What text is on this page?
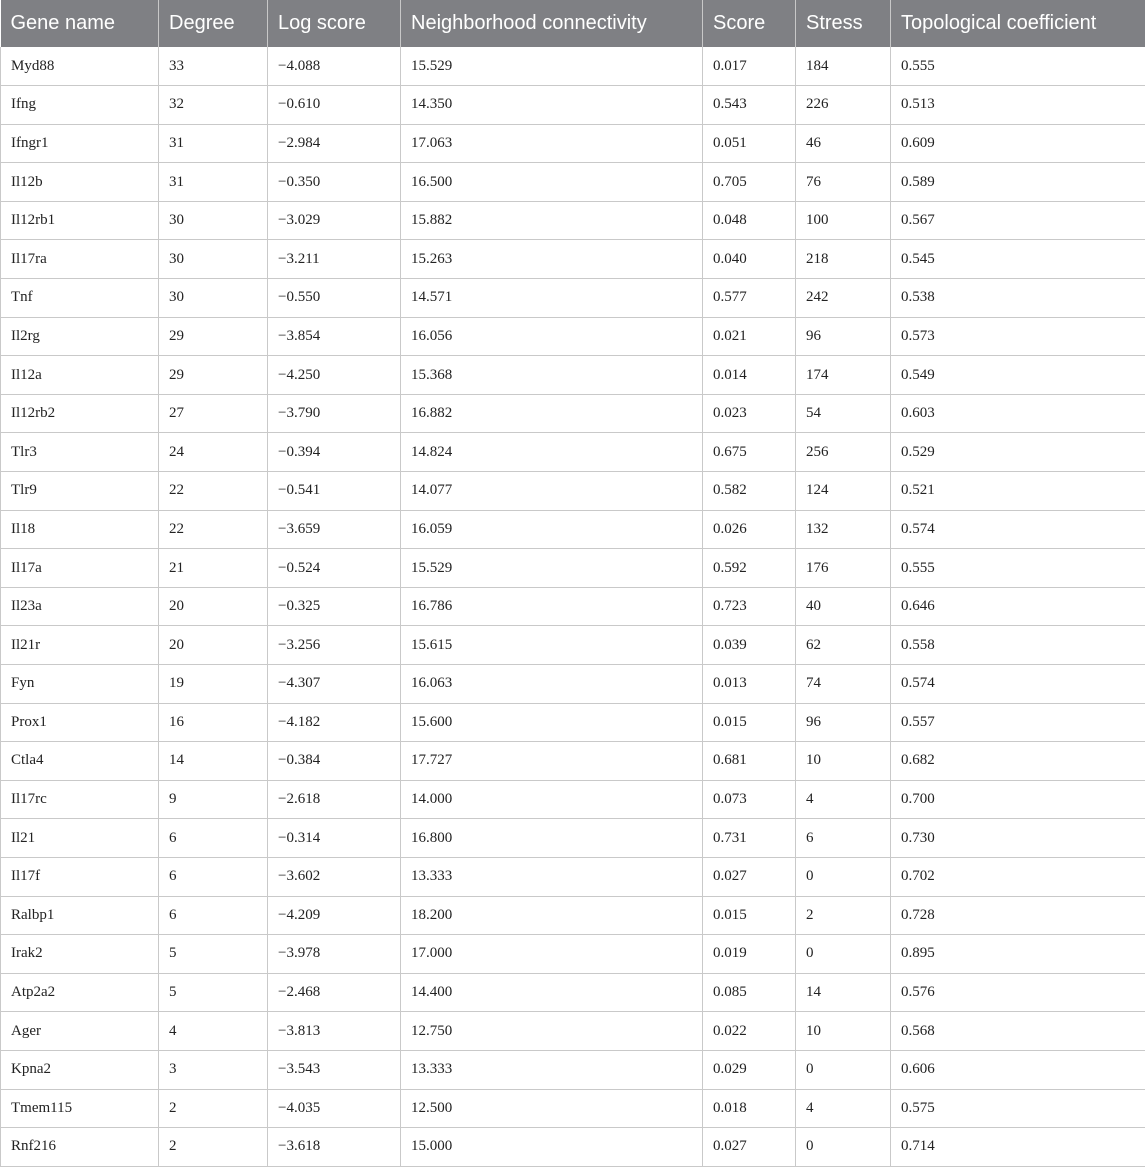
Gene name	Degree	Log score	Neighborhood connectivity	Score	Stress	Topological coefficient
Myd88	33	−4.088	15.529	0.017	184	0.555
Ifng	32	−0.610	14.350	0.543	226	0.513
Ifngr1	31	−2.984	17.063	0.051	46	0.609
Il12b	31	−0.350	16.500	0.705	76	0.589
Il12rb1	30	−3.029	15.882	0.048	100	0.567
Il17ra	30	−3.211	15.263	0.040	218	0.545
Tnf	30	−0.550	14.571	0.577	242	0.538
Il2rg	29	−3.854	16.056	0.021	96	0.573
Il12a	29	−4.250	15.368	0.014	174	0.549
Il12rb2	27	−3.790	16.882	0.023	54	0.603
Tlr3	24	−0.394	14.824	0.675	256	0.529
Tlr9	22	−0.541	14.077	0.582	124	0.521
Il18	22	−3.659	16.059	0.026	132	0.574
Il17a	21	−0.524	15.529	0.592	176	0.555
Il23a	20	−0.325	16.786	0.723	40	0.646
Il21r	20	−3.256	15.615	0.039	62	0.558
Fyn	19	−4.307	16.063	0.013	74	0.574
Prox1	16	−4.182	15.600	0.015	96	0.557
Ctla4	14	−0.384	17.727	0.681	10	0.682
Il17rc	9	−2.618	14.000	0.073	4	0.700
Il21	6	−0.314	16.800	0.731	6	0.730
Il17f	6	−3.602	13.333	0.027	0	0.702
Ralbp1	6	−4.209	18.200	0.015	2	0.728
Irak2	5	−3.978	17.000	0.019	0	0.895
Atp2a2	5	−2.468	14.400	0.085	14	0.576
Ager	4	−3.813	12.750	0.022	10	0.568
Kpna2	3	−3.543	13.333	0.029	0	0.606
Tmem115	2	−4.035	12.500	0.018	4	0.575
Rnf216	2	−3.618	15.000	0.027	0	0.714
